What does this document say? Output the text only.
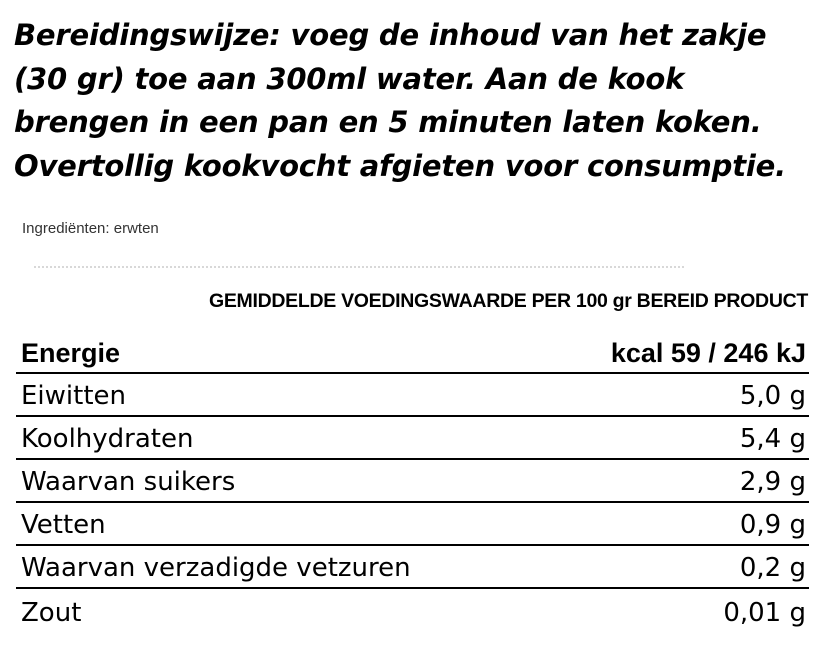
Bereidingswijze: voeg de inhoud van het zakje
(30 gr) toe aan 300ml water. Aan de kook
brengen in een pan en 5 minuten laten koken.
Overtollig kookvocht afgieten voor consumptie.
Ingrediënten: erwten
GEMIDDELDE VOEDINGSWAARDE PER 100 gr BEREID PRODUCT
Energie	kcal 59 / 246 kJ
Eiwitten	5,0 g
Koolhydraten	5,4 g
Waarvan suikers	2,9 g
Vetten	0,9 g
Waarvan verzadigde vetzuren	0,2 g
Zout	0,01 g
